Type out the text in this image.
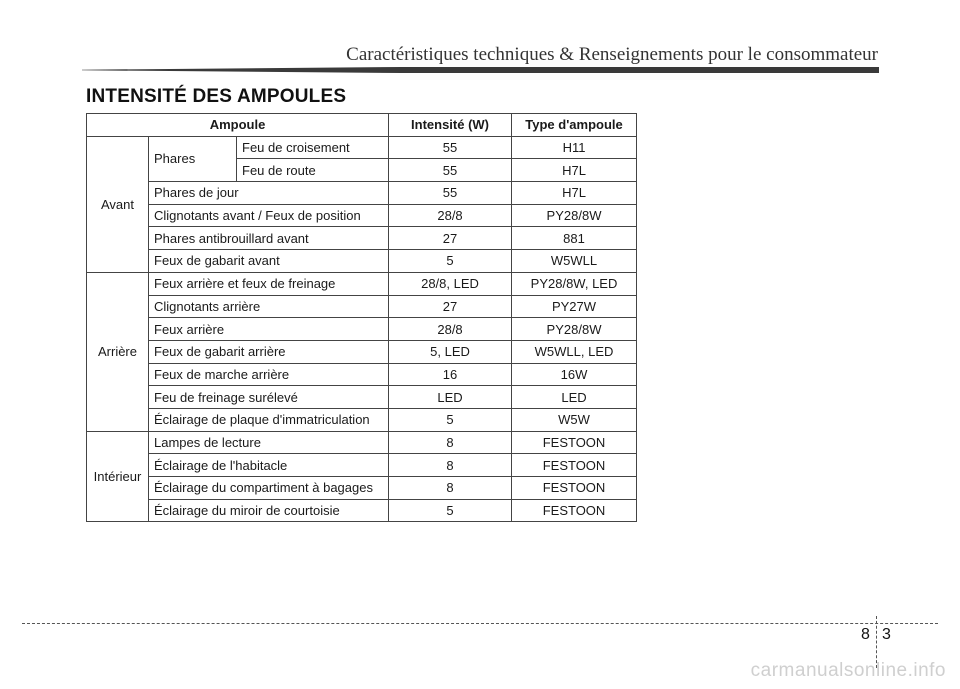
Caractéristiques techniques & Renseignements pour le consommateur
INTENSITÉ DES AMPOULES
Ampoule			Intensité (W)	Type d'ampoule
Avant	Phares	Feu de croisement	55	H11
		Feu de route	55	H7L
	Phares de jour		55	H7L
	Clignotants avant / Feux de position		28/8	PY28/8W
	Phares antibrouillard avant		27	881
	Feux de gabarit avant		5	W5WLL
Arrière	Feux arrière et feux de freinage		28/8, LED	PY28/8W, LED
	Clignotants arrière		27	PY27W
	Feux arrière		28/8	PY28/8W
	Feux de gabarit arrière		5, LED	W5WLL, LED
	Feux de marche arrière		16	16W
	Feu de freinage surélevé		LED	LED
	Éclairage de plaque d'immatriculation		5	W5W
Intérieur	Lampes de lecture		8	FESTOON
	Éclairage de l'habitacle		8	FESTOON
	Éclairage du compartiment à bagages		8	FESTOON
	Éclairage du miroir de courtoisie		5	FESTOON
8 3
carmanualsonline.info
